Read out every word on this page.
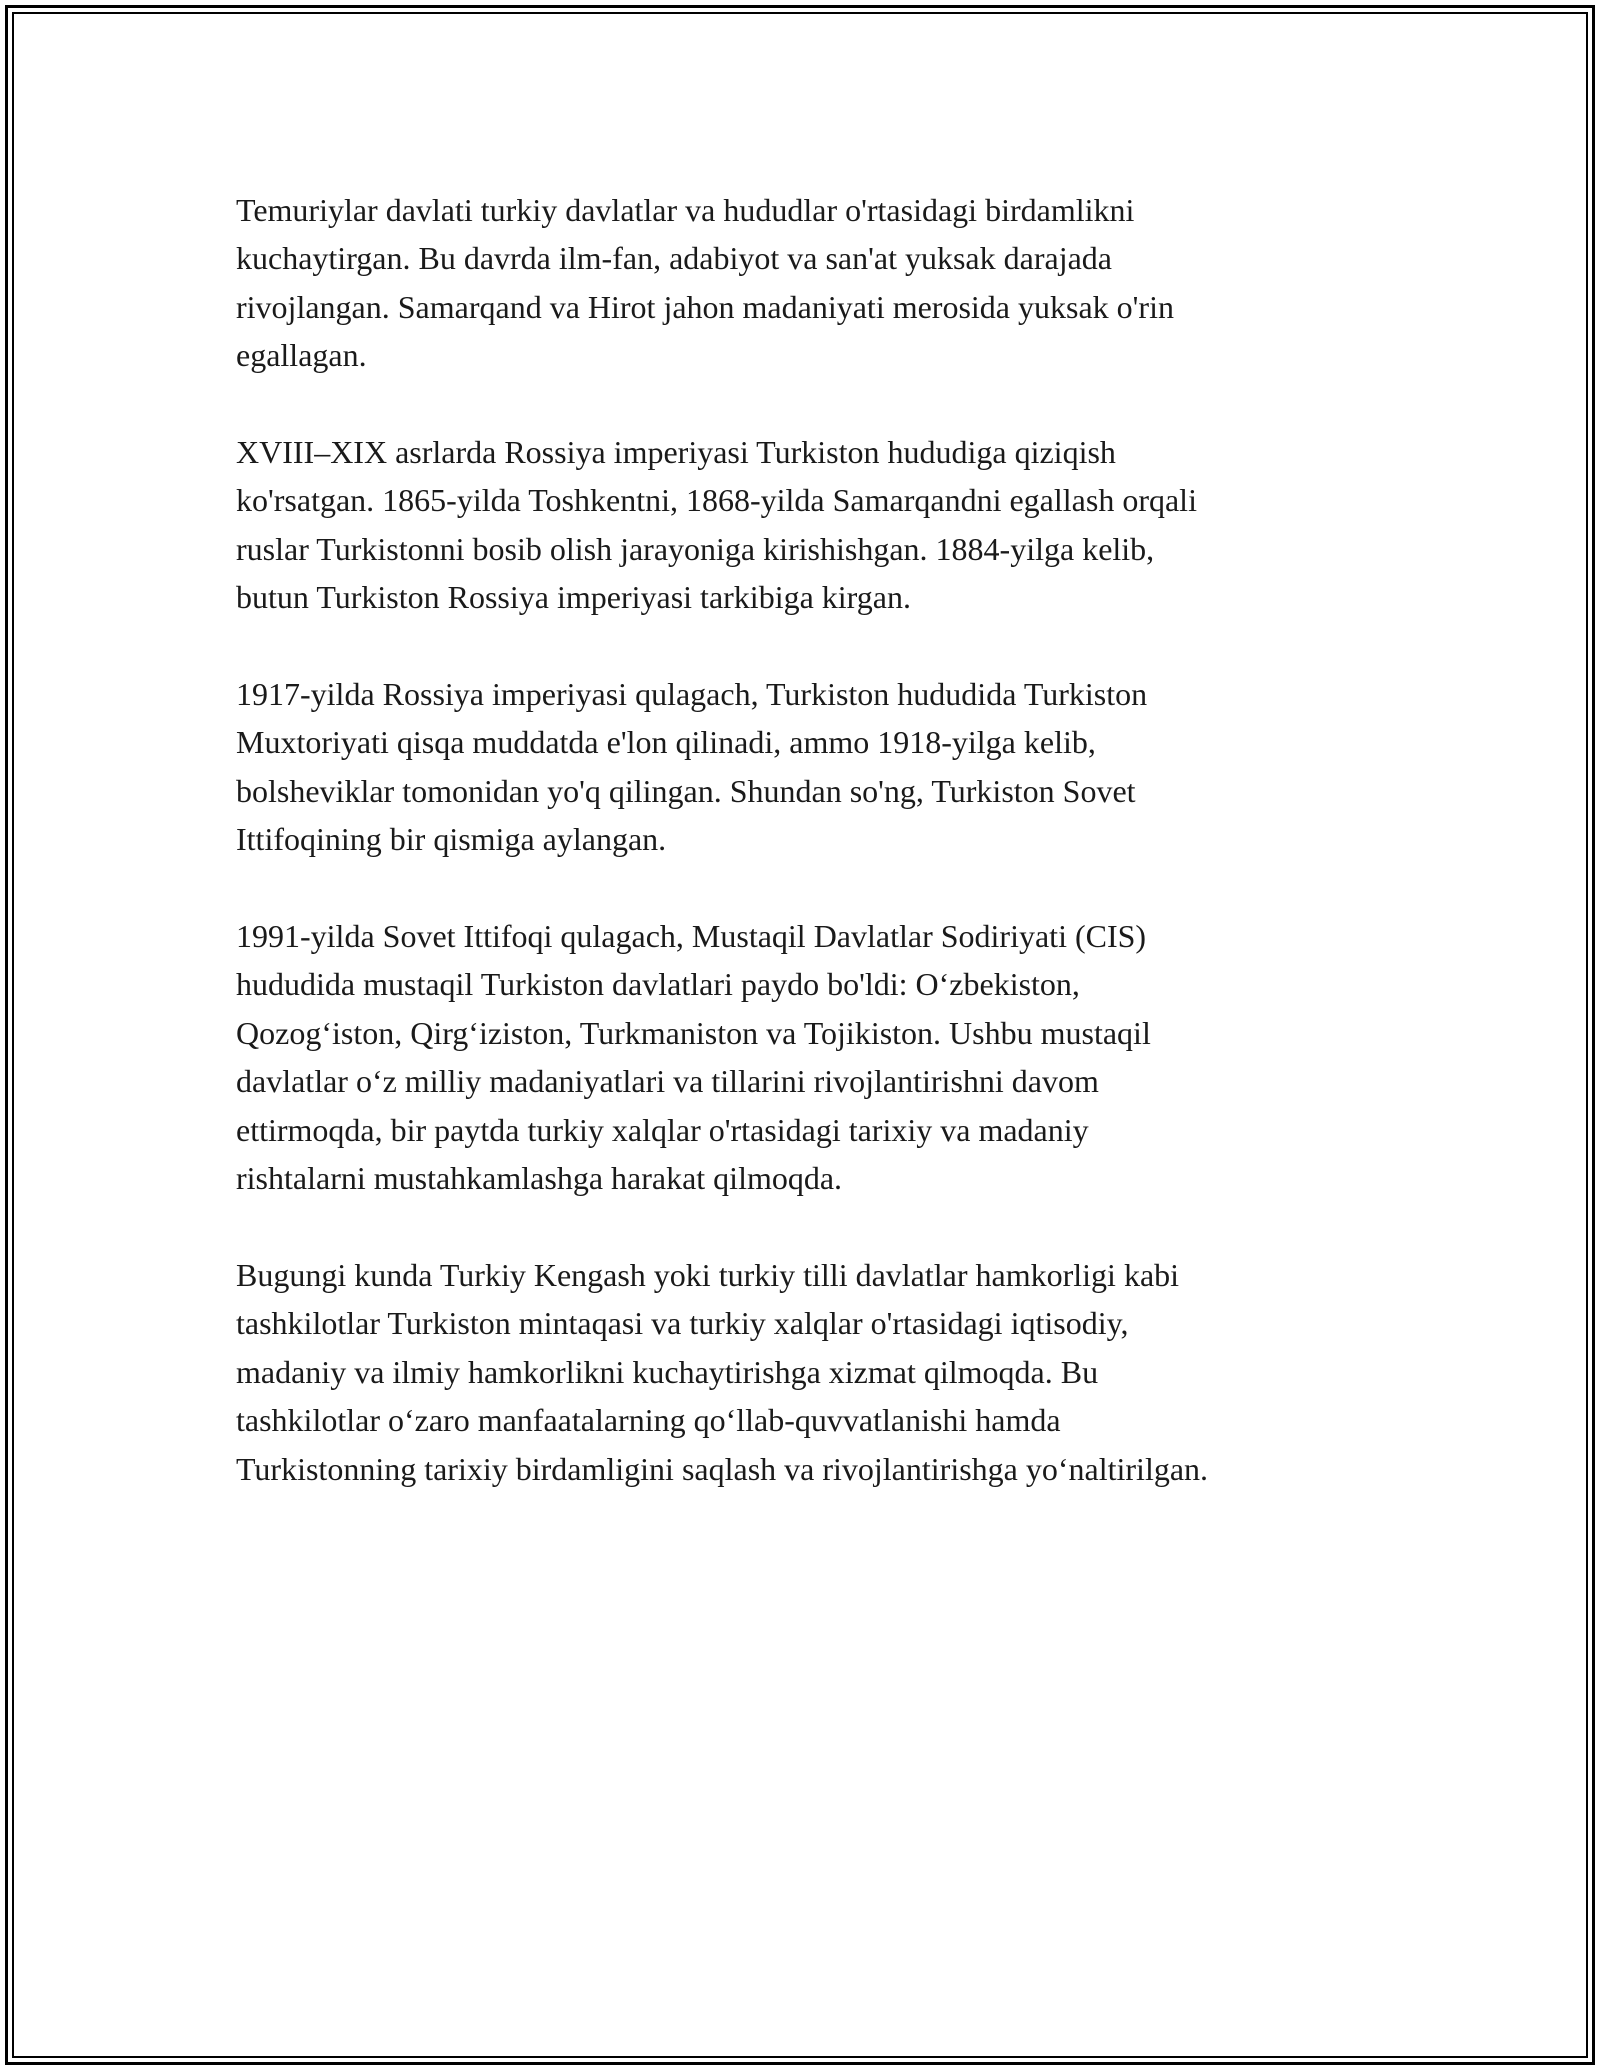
Temuriylar davlati turkiy davlatlar va hududlar o'rtasidagi birdamlikni
kuchaytirgan. Bu davrda ilm-fan, adabiyot va san'at yuksak darajada
rivojlangan. Samarqand va Hirot jahon madaniyati merosida yuksak o'rin
egallagan.

XVIII–XIX asrlarda Rossiya imperiyasi Turkiston hududiga qiziqish
ko'rsatgan. 1865-yilda Toshkentni, 1868-yilda Samarqandni egallash orqali
ruslar Turkistonni bosib olish jarayoniga kirishishgan. 1884-yilga kelib,
butun Turkiston Rossiya imperiyasi tarkibiga kirgan.

1917-yilda Rossiya imperiyasi qulagach, Turkiston hududida Turkiston
Muxtoriyati qisqa muddatda e'lon qilinadi, ammo 1918-yilga kelib,
bolsheviklar tomonidan yo'q qilingan. Shundan so'ng, Turkiston Sovet
Ittifoqining bir qismiga aylangan.

1991-yilda Sovet Ittifoqi qulagach, Mustaqil Davlatlar Sodiriyati (CIS)
hududida mustaqil Turkiston davlatlari paydo bo'ldi: O‘zbekiston,
Qozog‘iston, Qirg‘iziston, Turkmaniston va Tojikiston. Ushbu mustaqil
davlatlar o‘z milliy madaniyatlari va tillarini rivojlantirishni davom
ettirmoqda, bir paytda turkiy xalqlar o'rtasidagi tarixiy va madaniy
rishtalarni mustahkamlashga harakat qilmoqda.

Bugungi kunda Turkiy Kengash yoki turkiy tilli davlatlar hamkorligi kabi
tashkilotlar Turkiston mintaqasi va turkiy xalqlar o'rtasidagi iqtisodiy,
madaniy va ilmiy hamkorlikni kuchaytirishga xizmat qilmoqda. Bu
tashkilotlar o‘zaro manfaatalarning qo‘llab-quvvatlanishi hamda
Turkistonning tarixiy birdamligini saqlash va rivojlantirishga yo‘naltirilgan.
